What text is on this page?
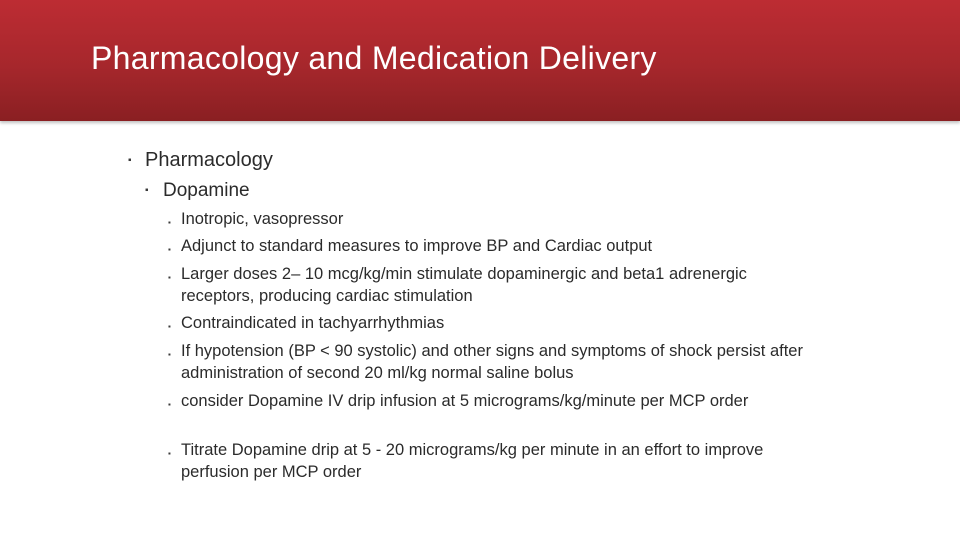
Pharmacology and Medication Delivery
▪ Pharmacology
▪ Dopamine
▪ Inotropic, vasopressor
▪ Adjunct to standard measures to improve BP and Cardiac output
▪ Larger doses 2– 10 mcg/kg/min stimulate dopaminergic and beta1 adrenergic receptors, producing cardiac stimulation
▪ Contraindicated in tachyarrhythmias
▪ If hypotension (BP < 90 systolic) and other signs and symptoms of shock persist after administration of second 20 ml/kg normal saline bolus
▪ consider Dopamine IV drip infusion at 5 micrograms/kg/minute per MCP order
▪ Titrate Dopamine drip at 5 - 20 micrograms/kg per minute in an effort to improve perfusion per MCP order
